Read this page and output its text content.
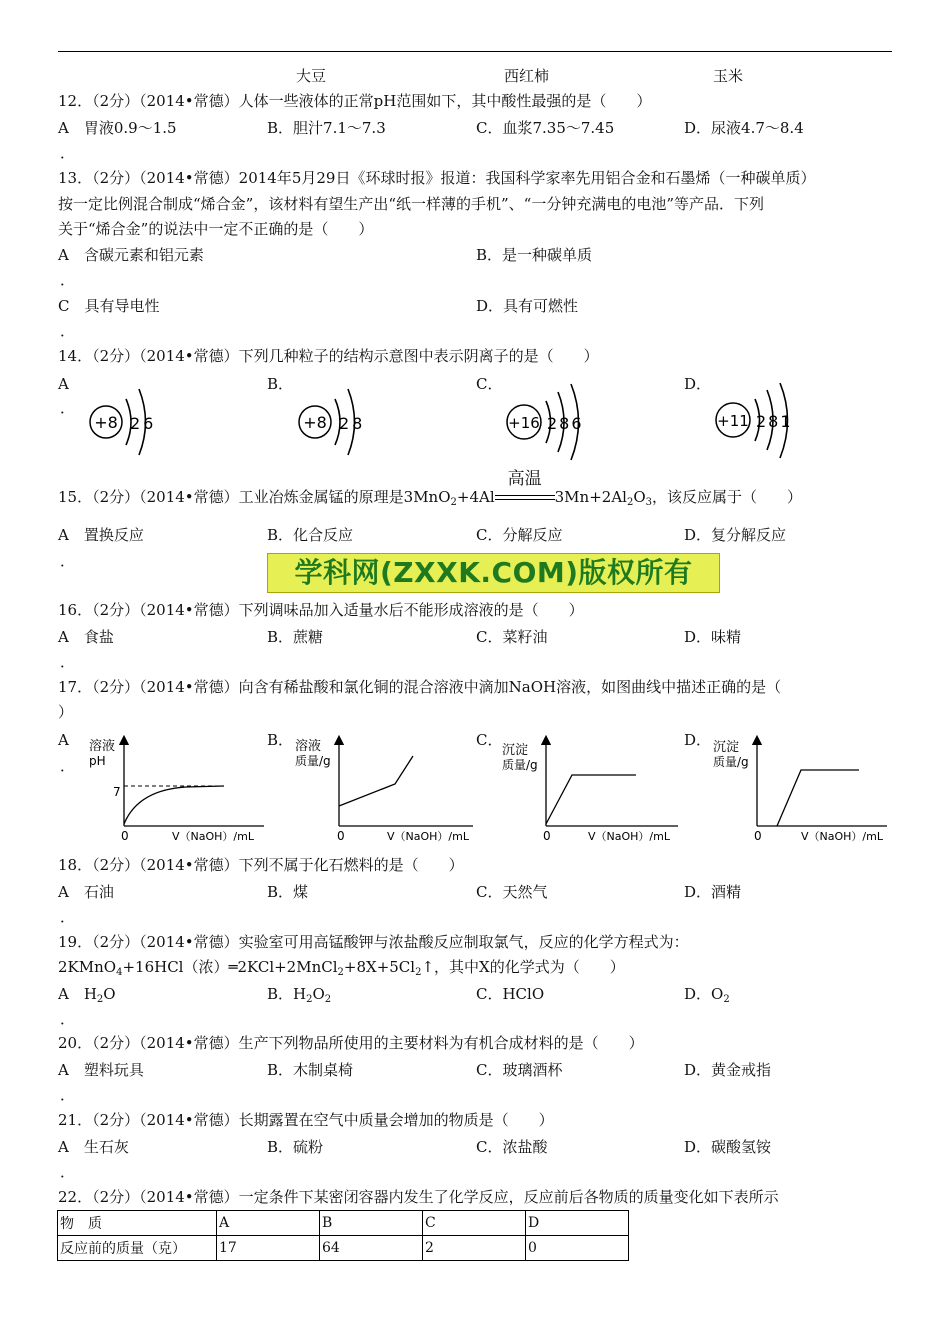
大豆	西红柿	玉米
12．（2分）（2014•常德）人体一些液体的正常pH范围如下，其中酸性最强的是（　　）
A　胃液0.9～1.5	B．胆汁7.1～7.3	C．血浆7.35～7.45	D．尿液4.7～8.4
．
13．（2分）（2014•常德）2014年5月29日《环球时报》报道：我国科学家率先用铝合金和石墨烯（一种碳单质）
按一定比例混合制成“烯合金”，该材料有望生产出“纸一样薄的手机”、“一分钟充满电的电池”等产品．下列
关于“烯合金”的说法中一定不正确的是（　　）
A　含碳元素和铝元素	B．是一种碳单质
．
C　具有导电性	D．具有可燃性
．
14．（2分）（2014•常德）下列几种粒子的结构示意图中表示阴离子的是（　　）
A
．
B．	C．	D．
+8 26	+8 28	+16 286	+11 281
15．（2分）（2014•常德）工业冶炼金属锰的原理是3MnO$_2$+4Al
高温
$3Mn+2Al_2O_3$，该反应属于（　　）
A　置换反应	B．化合反应	C．分解反应	D．复分解反应
．	学科网(ZXXK.COM)版权所有
16．（2分）（2014•常德）下列调味品加入适量水后不能形成溶液的是（　　）
A　食盐	B．蔗糖	C．菜籽油	D．味精
．
17．（2分）（2014•常德）向含有稀盐酸和氯化铜的混合溶液中滴加NaOH溶液，如图曲线中描述正确的是（
）
A
．
B．	C．	D．
溶液
pH
7
0	V（NaOH）/mL
溶液
质量/g
0	V（NaOH）/mL
沉淀
质量/g
0	V（NaOH）/mL
沉淀
质量/g
0	V（NaOH）/mL
18．（2分）（2014•常德）下列不属于化石燃料的是（　　）
A　石油	B．煤	C．天然气	D．酒精
．
19．（2分）（2014•常德）实验室可用高锰酸钾与浓盐酸反应制取氯气，反应的化学方程式为：
2KMnO$_4$+16HCl（浓）$═2KCl+2MnCl_2+8X+5Cl_2↑$，其中X的化学式为（　　）
A　$H_2O$	B．$H_2O_2$	C．HClO	D．$O_2$
．
20．（2分）（2014•常德）生产下列物品所使用的主要材料为有机合成材料的是（　　）
A　塑料玩具	B．木制桌椅	C．玻璃酒杯	D．黄金戒指
．
21．（2分）（2014•常德）长期露置在空气中质量会增加的物质是（　　）
A　生石灰	B．硫粉	C．浓盐酸	D．碳酸氢铵
．
22．（2分）（2014•常德）一定条件下某密闭容器内发生了化学反应，反应前后各物质的质量变化如下表所示
物　质	A	B	C	D
反应前的质量（克）	17	64	2	0
